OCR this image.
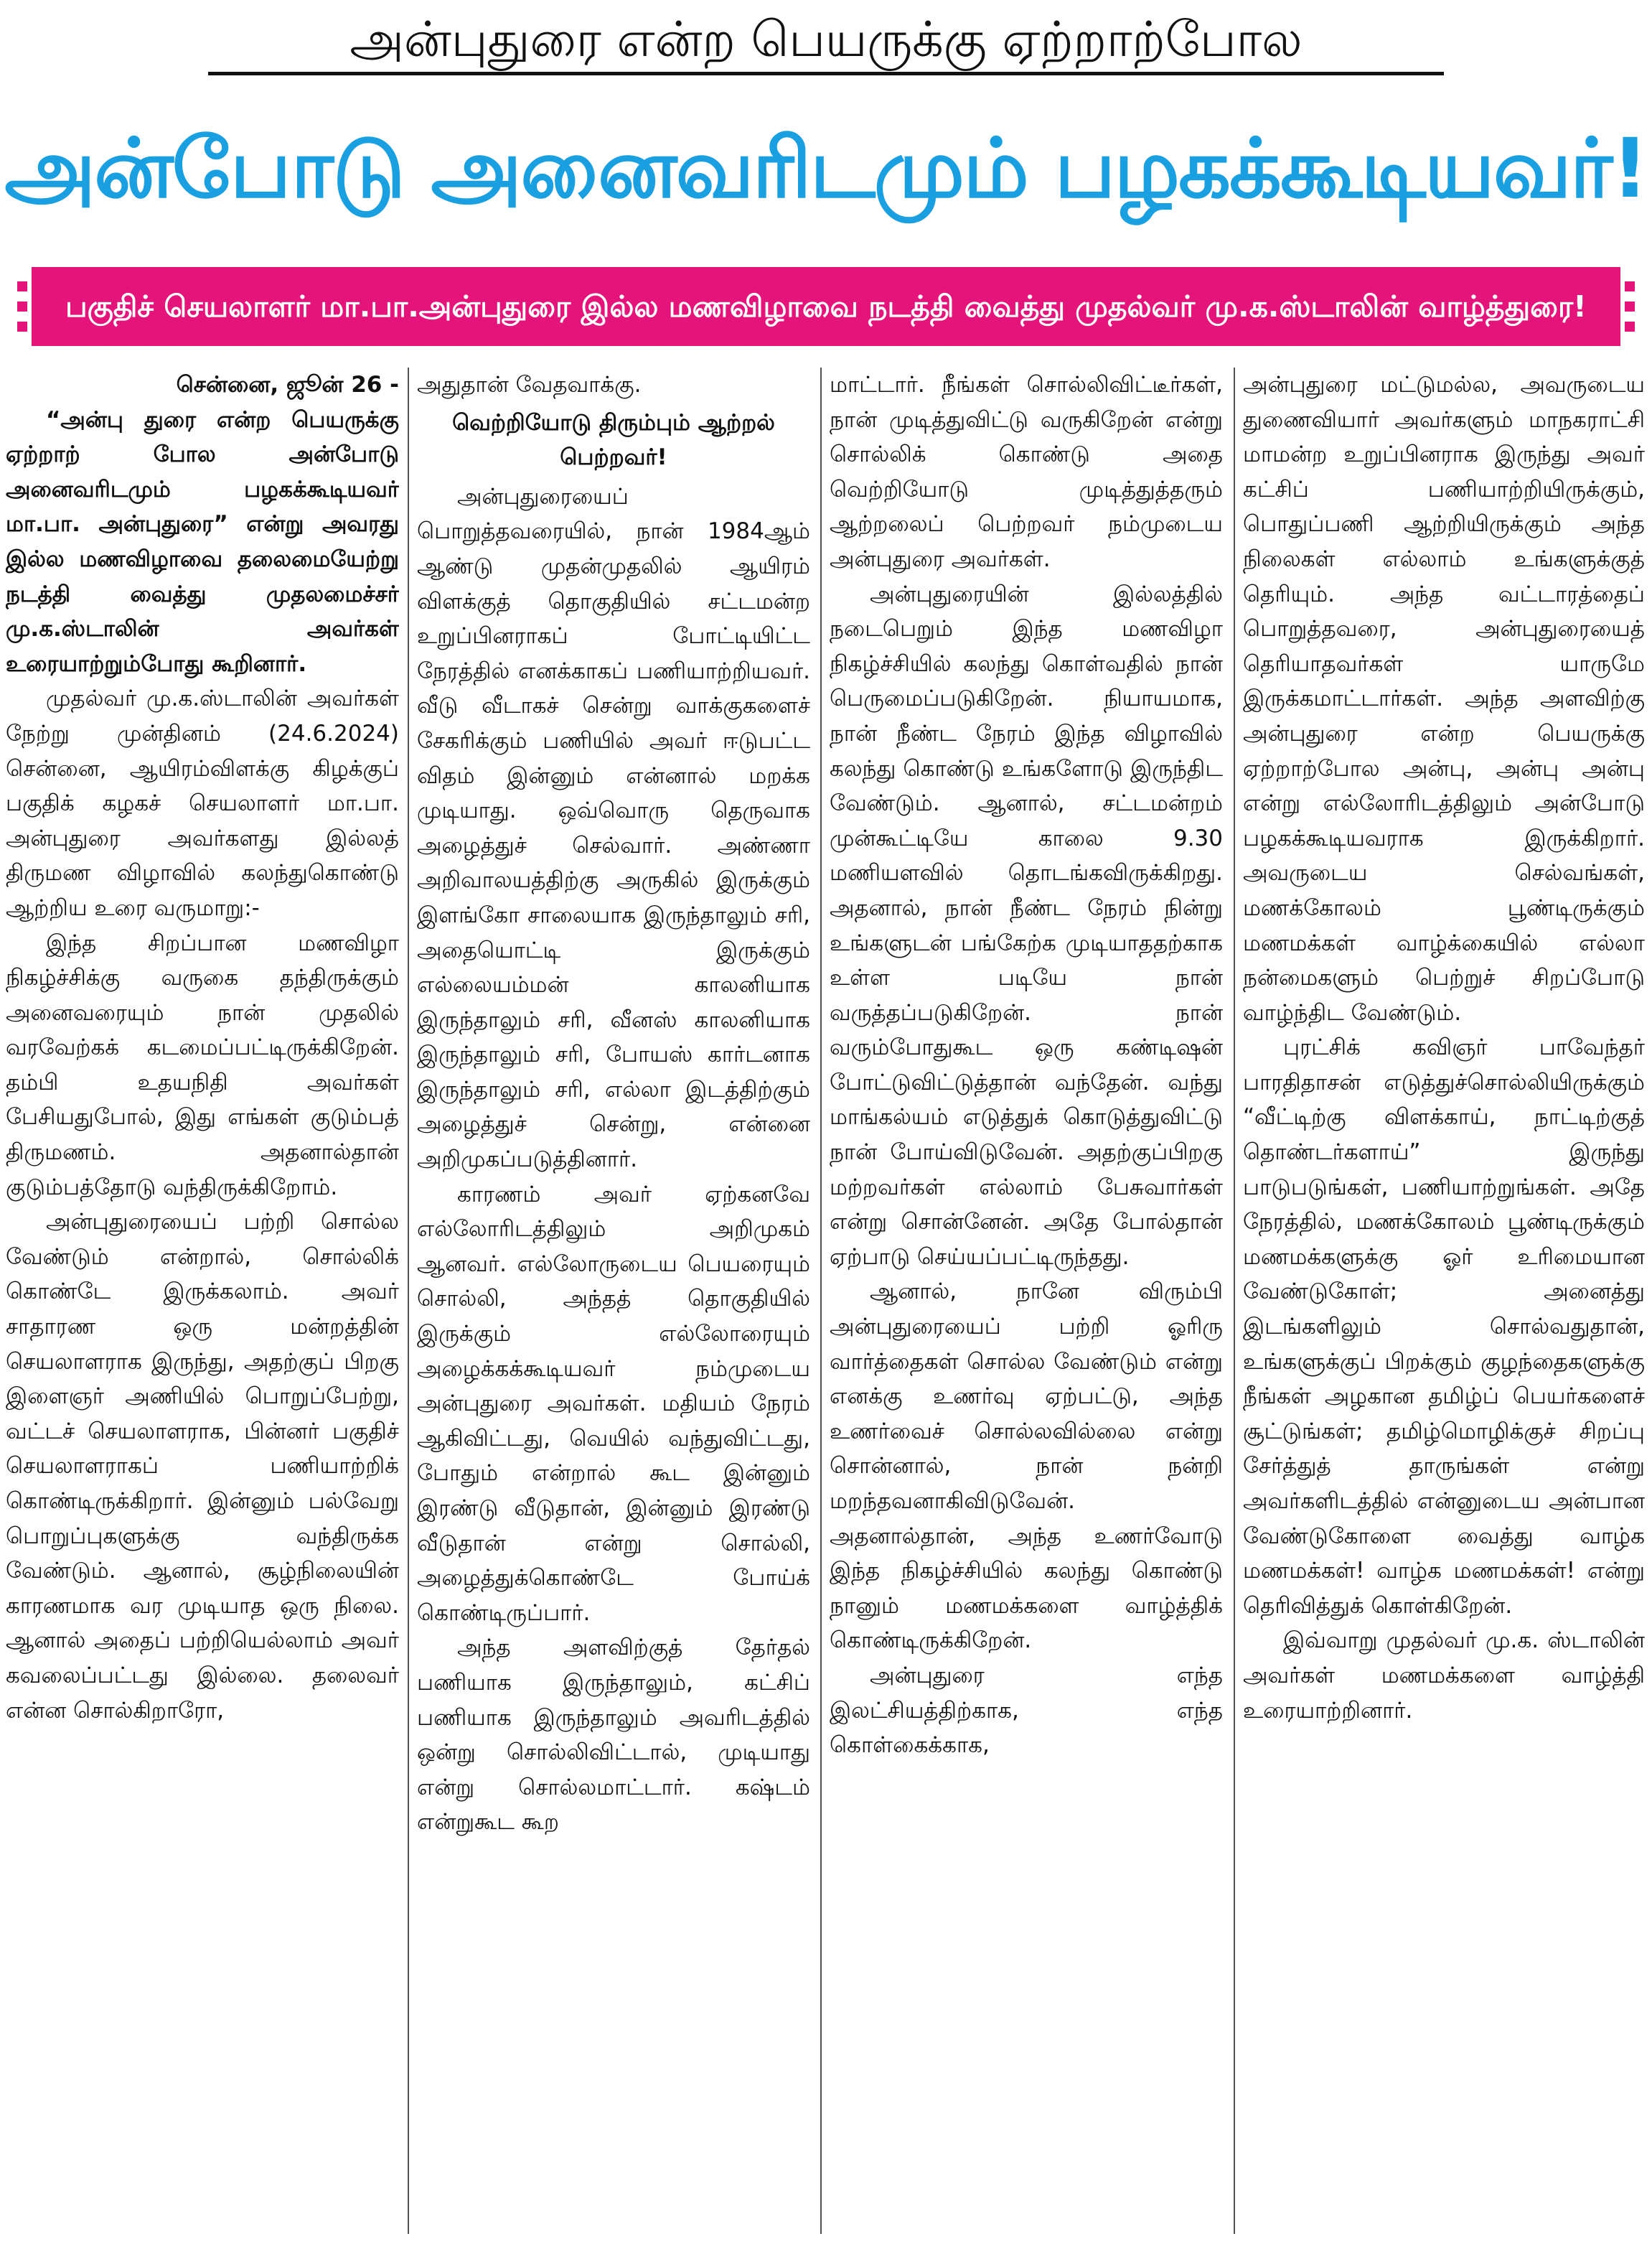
அன்புதுரை என்ற பெயருக்கு ஏற்றாற்போல
அன்போடு அனைவரிடமும் பழகக்கூடியவர்!
பகுதிச் செயலாளர் மா.பா.அன்புதுரை இல்ல மணவிழாவை நடத்தி வைத்து முதல்வர் மு.க.ஸ்டாலின் வாழ்த்துரை!

சென்னை, ஜூன் 26 -

“அன்பு துரை என்ற பெயருக்கு ஏற்றாற் போல அன்போடு அனைவரிடமும் பழகக்கூடியவர் மா.பா. அன்புதுரை” என்று அவரது இல்ல மணவிழாவை தலைமையேற்று நடத்தி வைத்து முதலமைச்சர் மு.க.ஸ்டாலின் அவர்கள் உரையாற்றும்போது கூறினார்.

முதல்வர் மு.க.ஸ்டாலின் அவர்கள் நேற்று முன்தினம் (24.6.2024) சென்னை, ஆயிரம்விளக்கு கிழக்குப் பகுதிக் கழகச் செயலாளர் மா.பா. அன்புதுரை அவர்களது இல்லத் திருமண விழாவில் கலந்துகொண்டு ஆற்றிய உரை வருமாறு:-

இந்த சிறப்பான மணவிழா நிகழ்ச்சிக்கு வருகை தந்திருக்கும் அனைவரையும் நான் முதலில் வரவேற்கக் கடமைப்பட்டிருக்கிறேன். தம்பி உதயநிதி அவர்கள் பேசியதுபோல், இது எங்கள் குடும்பத் திருமணம். அதனால்தான் குடும்பத்தோடு வந்திருக்கிறோம்.

அன்புதுரையைப் பற்றி சொல்ல வேண்டும் என்றால், சொல்லிக் கொண்டே இருக்கலாம். அவர் சாதாரண ஒரு மன்றத்தின் செயலாளராக இருந்து, அதற்குப் பிறகு இளைஞர் அணியில் பொறுப்பேற்று, வட்டச் செயலாளராக, பின்னர் பகுதிச் செயலாளராகப் பணியாற்றிக் கொண்டிருக்கிறார். இன்னும் பல்வேறு பொறுப்புகளுக்கு வந்திருக்க வேண்டும். ஆனால், சூழ்நிலையின் காரணமாக வர முடியாத ஒரு நிலை. ஆனால் அதைப் பற்றியெல்லாம் அவர் கவலைப்பட்டது இல்லை. தலைவர் என்ன சொல்கிறாரோ,

அதுதான் வேதவாக்கு.

வெற்றியோடு திரும்பும் ஆற்றல் பெற்றவர்!

அன்புதுரையைப் பொறுத்தவரையில், நான் 1984ஆம் ஆண்டு முதன்முதலில் ஆயிரம் விளக்குத் தொகுதியில் சட்டமன்ற உறுப்பினராகப் போட்டியிட்ட நேரத்தில் எனக்காகப் பணியாற்றியவர். வீடு வீடாகச் சென்று வாக்குகளைச் சேகரிக்கும் பணியில் அவர் ஈடுபட்ட விதம் இன்னும் என்னால் மறக்க முடியாது. ஒவ்வொரு தெருவாக அழைத்துச் செல்வார். அண்ணா அறிவாலயத்திற்கு அருகில் இருக்கும் இளங்கோ சாலையாக இருந்தாலும் சரி, அதையொட்டி இருக்கும் எல்லையம்மன் காலனியாக இருந்தாலும் சரி, வீனஸ் காலனியாக இருந்தாலும் சரி, போயஸ் கார்டனாக இருந்தாலும் சரி, எல்லா இடத்திற்கும் அழைத்துச் சென்று, என்னை அறிமுகப்படுத்தினார்.

காரணம் அவர் ஏற்கனவே எல்லோரிடத்திலும் அறிமுகம் ஆனவர். எல்லோருடைய பெயரையும் சொல்லி, அந்தத் தொகுதியில் இருக்கும் எல்லோரையும் அழைக்கக்கூடியவர் நம்முடைய அன்புதுரை அவர்கள். மதியம் நேரம் ஆகிவிட்டது, வெயில் வந்துவிட்டது, போதும் என்றால் கூட இன்னும் இரண்டு வீடுதான், இன்னும் இரண்டு வீடுதான் என்று சொல்லி, அழைத்துக்கொண்டே போய்க் கொண்டிருப்பார்.

அந்த அளவிற்குத் தேர்தல் பணியாக இருந்தாலும், கட்சிப் பணியாக இருந்தாலும் அவரிடத்தில் ஒன்று சொல்லிவிட்டால், முடியாது என்று சொல்லமாட்டார். கஷ்டம் என்றுகூட கூற

மாட்டார். நீங்கள் சொல்லிவிட்டீர்கள், நான் முடித்துவிட்டு வருகிறேன் என்று சொல்லிக் கொண்டு அதை வெற்றியோடு முடித்துத்தரும் ஆற்றலைப் பெற்றவர் நம்முடைய அன்புதுரை அவர்கள்.

அன்புதுரையின் இல்லத்தில் நடைபெறும் இந்த மணவிழா நிகழ்ச்சியில் கலந்து கொள்வதில் நான் பெருமைப்படுகிறேன். நியாயமாக, நான் நீண்ட நேரம் இந்த விழாவில் கலந்து கொண்டு உங்களோடு இருந்திட வேண்டும். ஆனால், சட்டமன்றம் முன்கூட்டியே காலை 9.30 மணியளவில் தொடங்கவிருக்கிறது. அதனால், நான் நீண்ட நேரம் நின்று உங்களுடன் பங்கேற்க முடியாததற்காக உள்ள படியே நான் வருத்தப்படுகிறேன். நான் வரும்போதுகூட ஒரு கண்டிஷன் போட்டுவிட்டுத்தான் வந்தேன். வந்து மாங்கல்யம் எடுத்துக் கொடுத்துவிட்டு நான் போய்விடுவேன். அதற்குப்பிறகு மற்றவர்கள் எல்லாம் பேசுவார்கள் என்று சொன்னேன். அதே போல்தான் ஏற்பாடு செய்யப்பட்டிருந்தது.

ஆனால், நானே விரும்பி அன்புதுரையைப் பற்றி ஓரிரு வார்த்தைகள் சொல்ல வேண்டும் என்று எனக்கு உணர்வு ஏற்பட்டு, அந்த உணர்வைச் சொல்லவில்லை என்று சொன்னால், நான் நன்றி மறந்தவனாகிவிடுவேன். அதனால்தான், அந்த உணர்வோடு இந்த நிகழ்ச்சியில் கலந்து கொண்டு நானும் மணமக்களை வாழ்த்திக் கொண்டிருக்கிறேன்.

அன்புதுரை எந்த இலட்சியத்திற்காக, எந்த கொள்கைக்காக,

அன்புதுரை மட்டுமல்ல, அவருடைய துணைவியார் அவர்களும் மாநகராட்சி மாமன்ற உறுப்பினராக இருந்து அவர் கட்சிப் பணியாற்றியிருக்கும், பொதுப்பணி ஆற்றியிருக்கும் அந்த நிலைகள் எல்லாம் உங்களுக்குத் தெரியும். அந்த வட்டாரத்தைப் பொறுத்தவரை, அன்புதுரையைத் தெரியாதவர்கள் யாருமே இருக்கமாட்டார்கள். அந்த அளவிற்கு அன்புதுரை என்ற பெயருக்கு ஏற்றாற்போல அன்பு, அன்பு அன்பு என்று எல்லோரிடத்திலும் அன்போடு பழகக்கூடியவராக இருக்கிறார். அவருடைய செல்வங்கள், மணக்கோலம் பூண்டிருக்கும் மணமக்கள் வாழ்க்கையில் எல்லா நன்மைகளும் பெற்றுச் சிறப்போடு வாழ்ந்திட வேண்டும்.

புரட்சிக் கவிஞர் பாவேந்தர் பாரதிதாசன் எடுத்துச்சொல்லியிருக்கும் “வீட்டிற்கு விளக்காய், நாட்டிற்குத் தொண்டர்களாய்” இருந்து பாடுபடுங்கள், பணியாற்றுங்கள். அதே நேரத்தில், மணக்கோலம் பூண்டிருக்கும் மணமக்களுக்கு ஓர் உரிமையான வேண்டுகோள்; அனைத்து இடங்களிலும் சொல்வதுதான், உங்களுக்குப் பிறக்கும் குழந்தைகளுக்கு நீங்கள் அழகான தமிழ்ப் பெயர்களைச் சூட்டுங்கள்; தமிழ்மொழிக்குச் சிறப்பு சேர்த்துத் தாருங்கள் என்று அவர்களிடத்தில் என்னுடைய அன்பான வேண்டுகோளை வைத்து வாழ்க மணமக்கள்! வாழ்க மணமக்கள்! என்று தெரிவித்துக் கொள்கிறேன்.

இவ்வாறு முதல்வர் மு.க. ஸ்டாலின் அவர்கள் மணமக்களை வாழ்த்தி உரையாற்றினார்.
